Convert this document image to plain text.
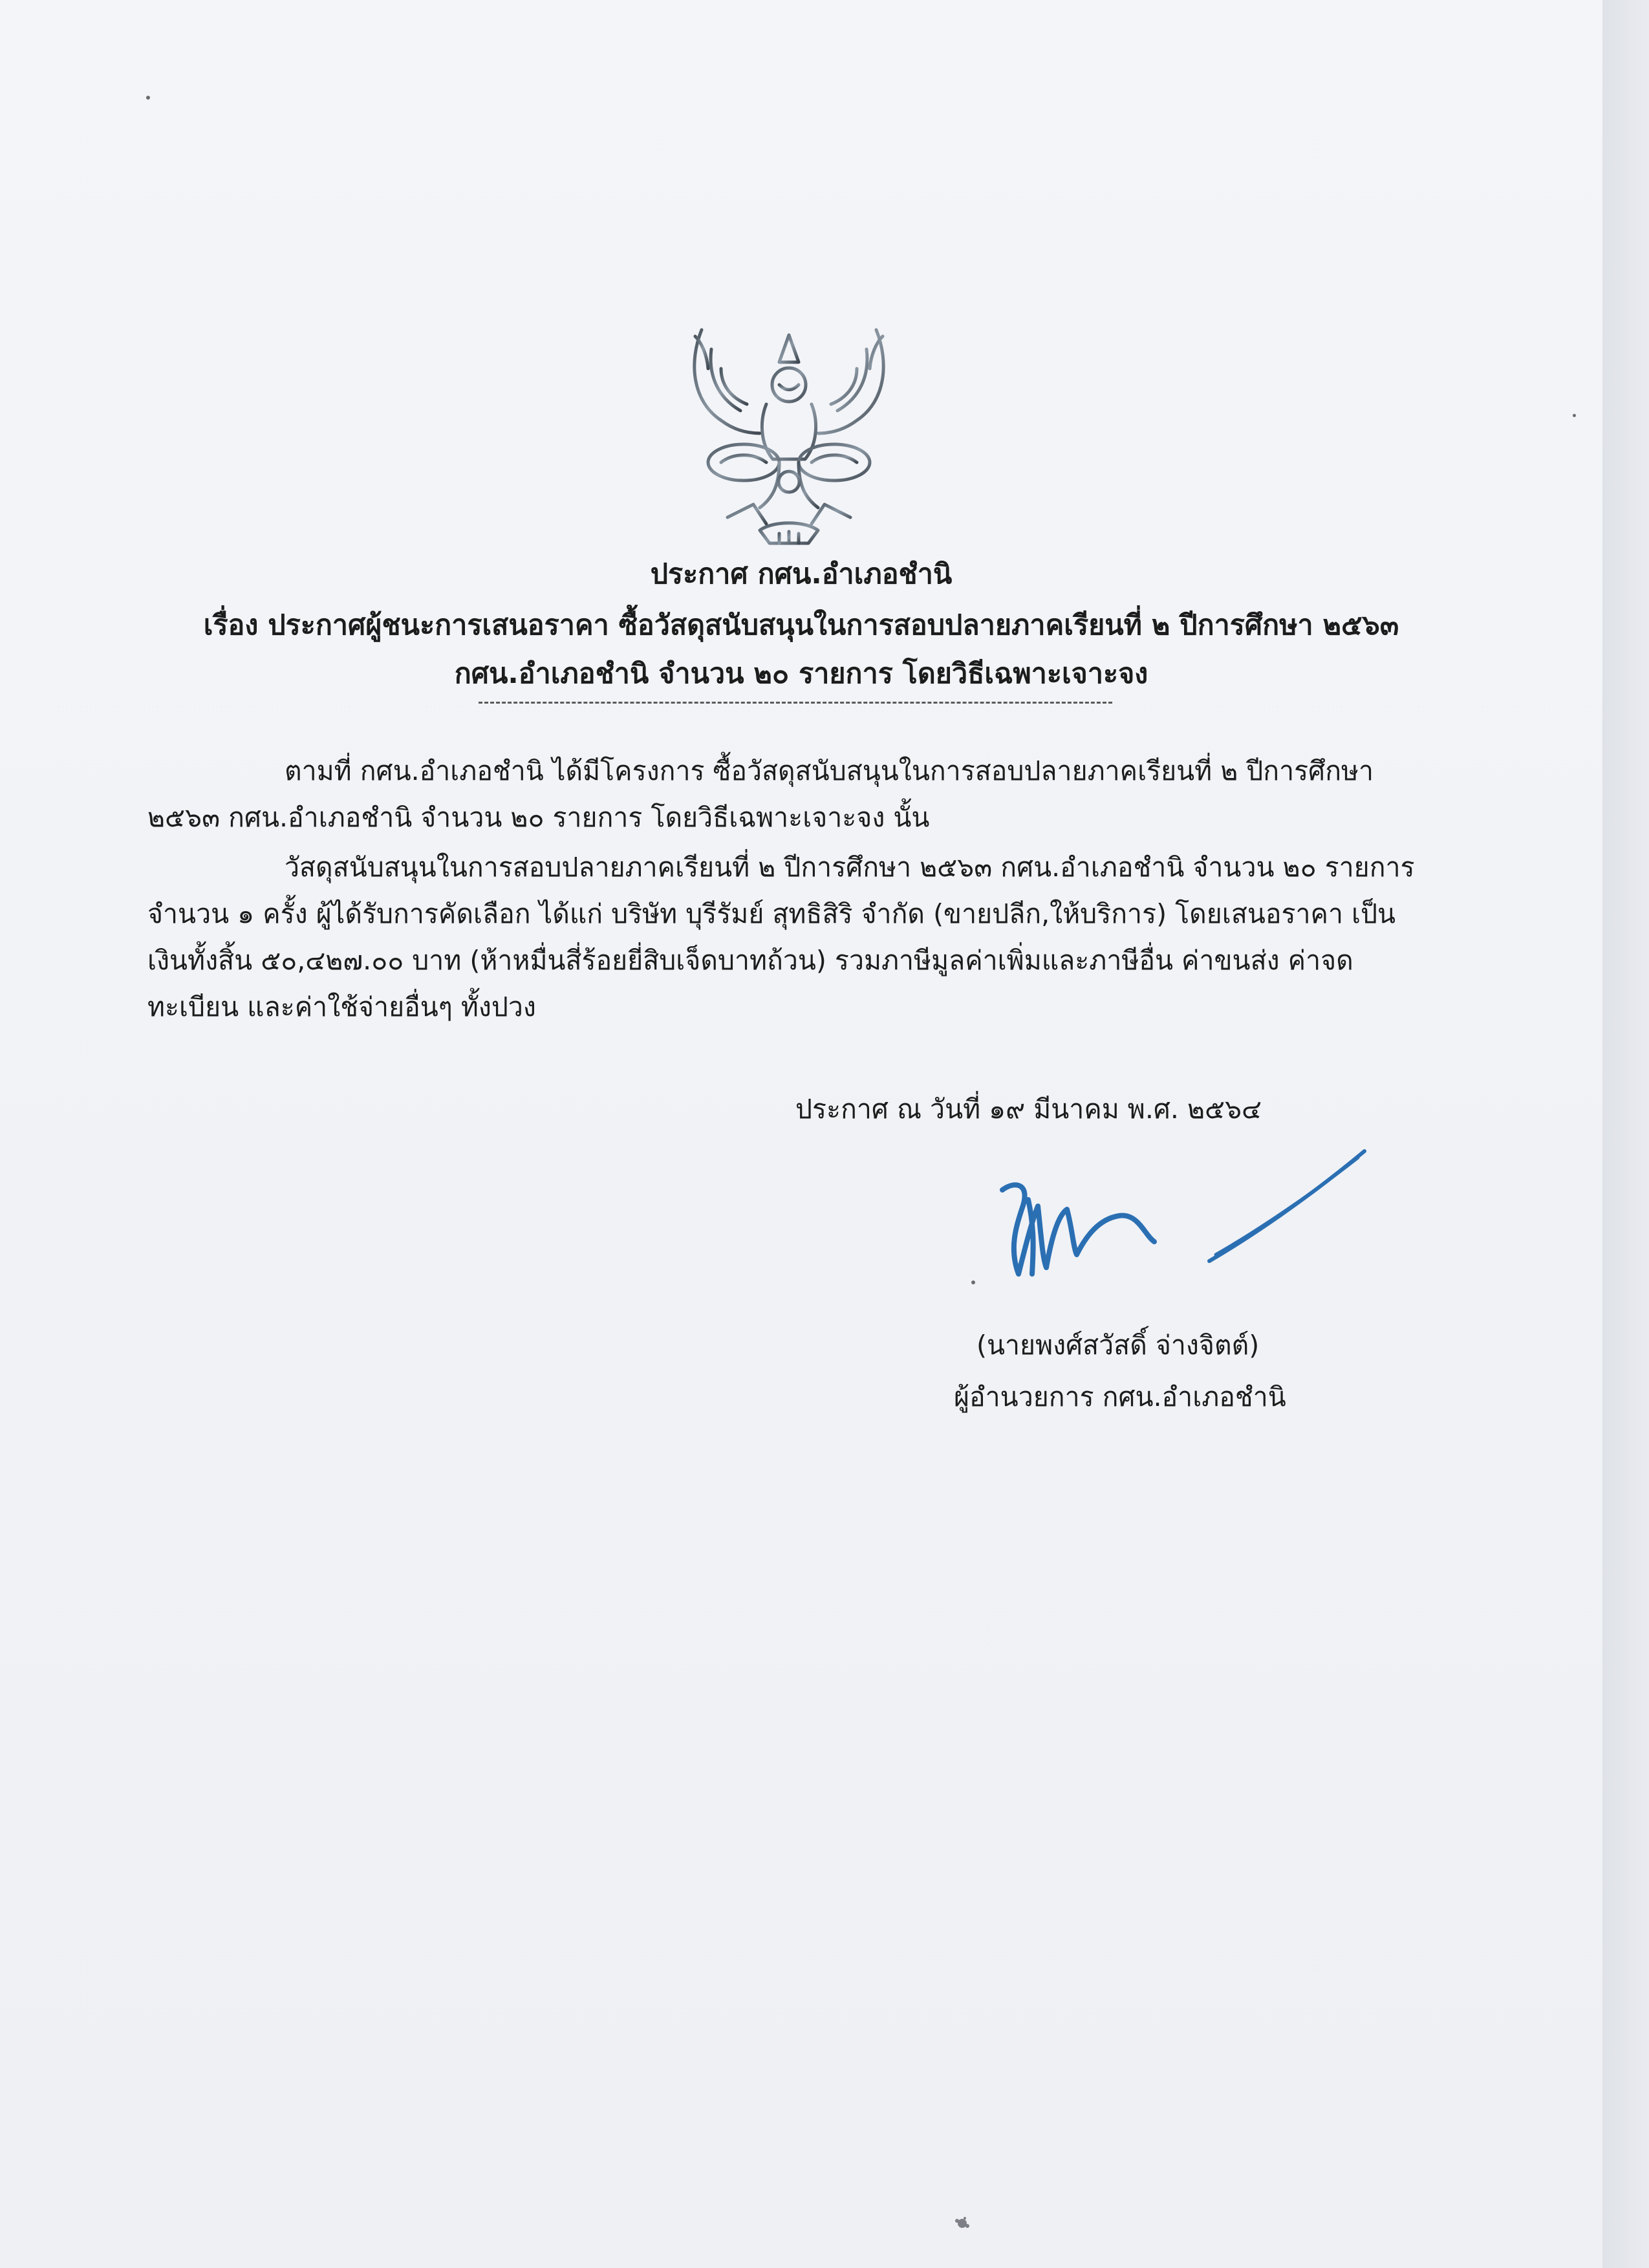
ประกาศ กศน.อำเภอชำนิ
เรื่อง ประกาศผู้ชนะการเสนอราคา ซื้อวัสดุสนับสนุนในการสอบปลายภาคเรียนที่ ๒ ปีการศึกษา ๒๕๖๓
กศน.อำเภอชำนิ จำนวน ๒๐ รายการ โดยวิธีเฉพาะเจาะจง
ตามที่ กศน.อำเภอชำนิ ได้มีโครงการ ซื้อวัสดุสนับสนุนในการสอบปลายภาคเรียนที่ ๒ ปีการศึกษา ๒๕๖๓ กศน.อำเภอชำนิ จำนวน ๒๐ รายการ โดยวิธีเฉพาะเจาะจง นั้น
วัสดุสนับสนุนในการสอบปลายภาคเรียนที่ ๒ ปีการศึกษา ๒๕๖๓ กศน.อำเภอชำนิ จำนวน ๒๐ รายการ จำนวน ๑ ครั้ง ผู้ได้รับการคัดเลือก ได้แก่ บริษัท บุรีรัมย์ สุทธิสิริ จำกัด (ขายปลีก,ให้บริการ) โดยเสนอราคา เป็นเงินทั้งสิ้น ๕๐,๔๒๗.๐๐ บาท (ห้าหมื่นสี่ร้อยยี่สิบเจ็ดบาทถ้วน) รวมภาษีมูลค่าเพิ่มและภาษีอื่น ค่าขนส่ง ค่าจดทะเบียน และค่าใช้จ่ายอื่นๆ ทั้งปวง
ประกาศ ณ วันที่ ๑๙ มีนาคม พ.ศ. ๒๕๖๔
(นายพงศ์สวัสดิ์ จ่างจิตต์)
ผู้อำนวยการ กศน.อำเภอชำนิ
